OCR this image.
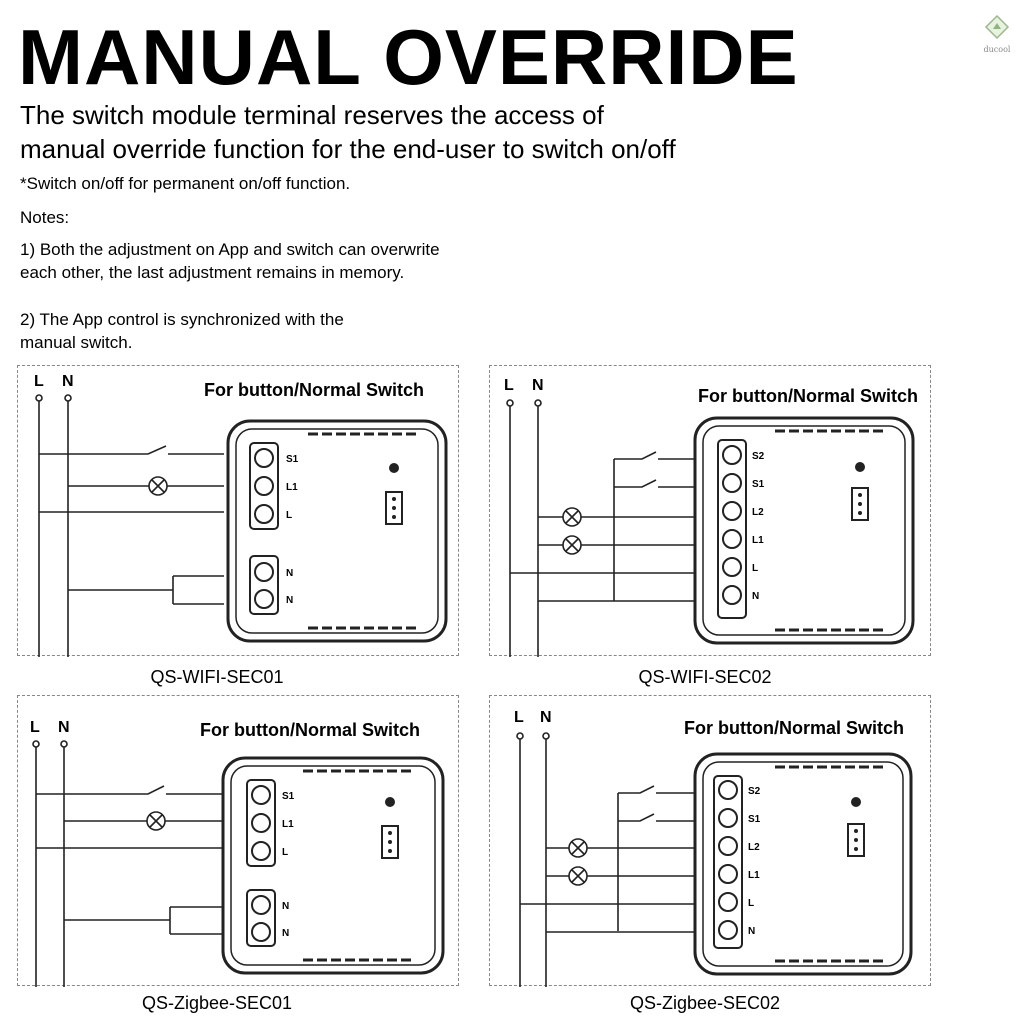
MANUAL OVERRIDE	ducool
The switch module terminal reserves the access of
manual override function for the end-user to switch on/off
*Switch on/off for permanent on/off function.
Notes:
1) Both the adjustment on App and switch can overwrite
each other, the last adjustment remains in memory.
2) The App control is synchronized with the
manual switch.
L N	For button/Normal Switch
S1
L1
L
N
N
QS-WIFI-SEC01
L N
For button/Normal Switch
S2
S1
L2
L1
L
N
QS-WIFI-SEC02
L N	For button/Normal Switch
S1
L1
L
N
N
QS-Zigbee-SEC01
L N
For button/Normal Switch
S2
S1
L2
L1
L
N
QS-Zigbee-SEC02
